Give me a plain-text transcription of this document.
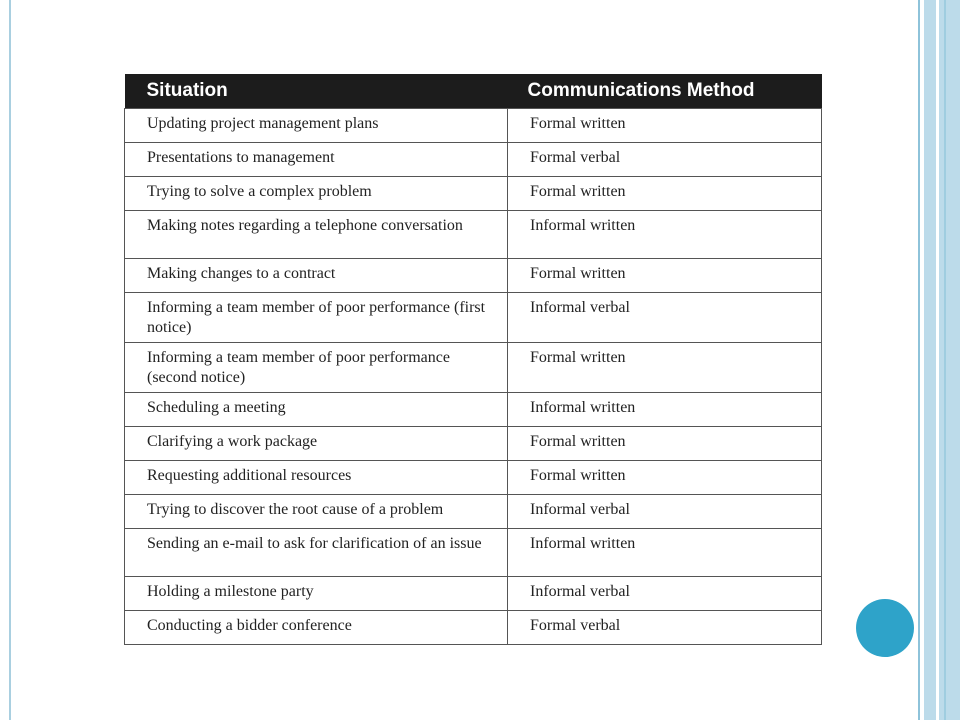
Situation	Communications Method
Updating project management plans	Formal written
Presentations to management	Formal verbal
Trying to solve a complex problem	Formal written
Making notes regarding a telephone conversation	Informal written
Making changes to a contract	Formal written
Informing a team member of poor performance (first notice)	Informal verbal
Informing a team member of poor performance (second notice)	Formal written
Scheduling a meeting	Informal written
Clarifying a work package	Formal written
Requesting additional resources	Formal written
Trying to discover the root cause of a problem	Informal verbal
Sending an e-mail to ask for clarification of an issue	Informal written
Holding a milestone party	Informal verbal
Conducting a bidder conference	Formal verbal
